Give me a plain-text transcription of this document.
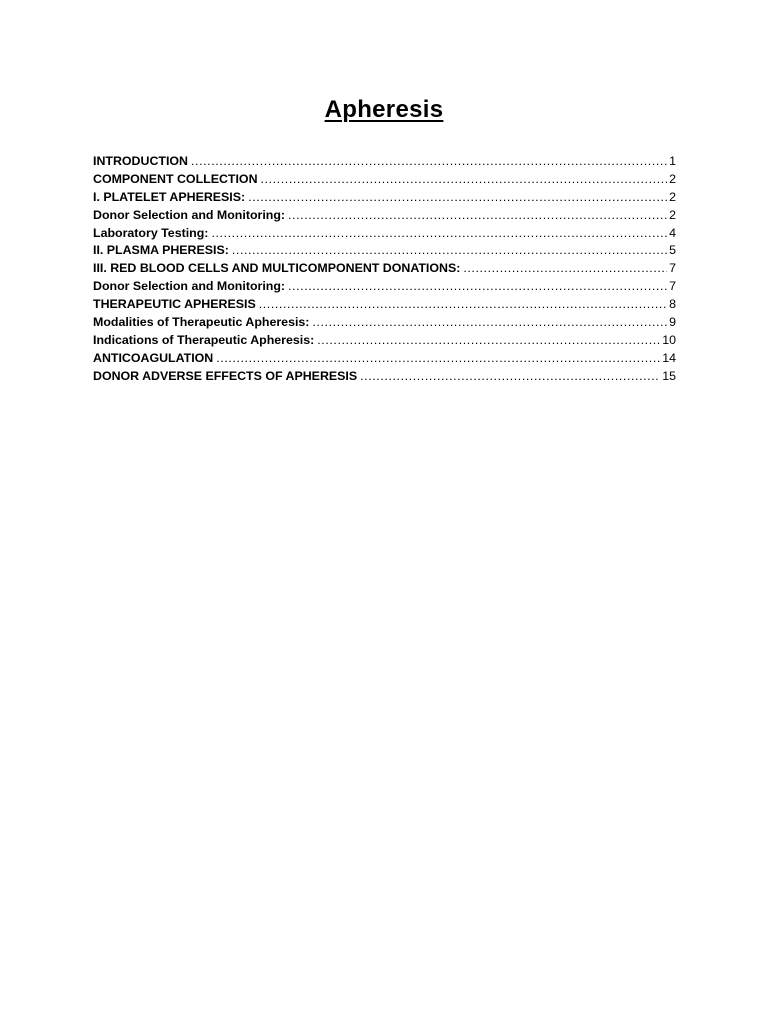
Apheresis
INTRODUCTION .....	1
COMPONENT COLLECTION .....	2
I. PLATELET APHERESIS: .....	2
Donor Selection and Monitoring: .....	2
Laboratory Testing: .....	4
II. PLASMA PHERESIS: .....	5
III. RED BLOOD CELLS AND MULTICOMPONENT DONATIONS: .....	7
Donor Selection and Monitoring: .....	7
THERAPEUTIC APHERESIS .....	8
Modalities of Therapeutic Apheresis: .....	9
Indications of Therapeutic Apheresis: .....	10
ANTICOAGULATION .....	14
DONOR ADVERSE EFFECTS OF APHERESIS .....	15
